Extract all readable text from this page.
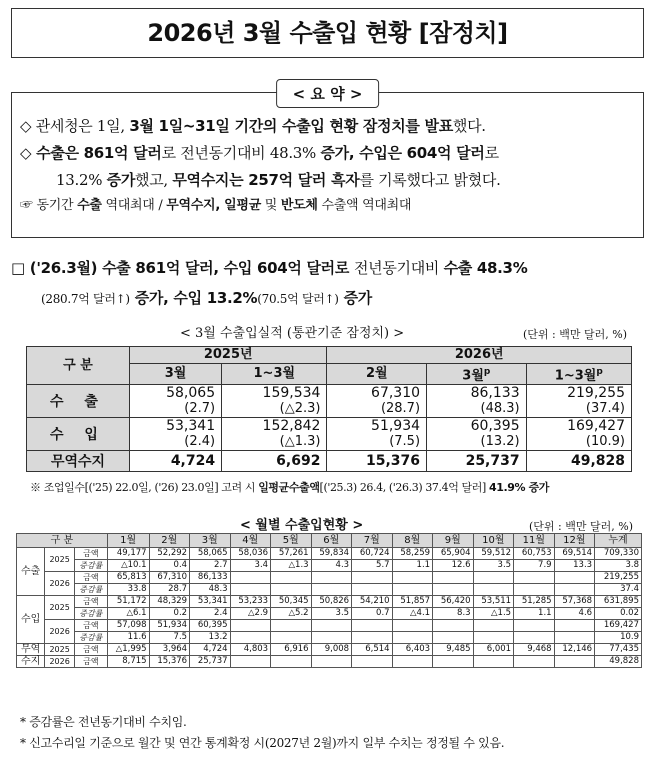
2026년 3월 수출입 현황 [잠정치]
< 요 약 >
◇ 관세청은 1일, 3월 1일~31일 기간의 수출입 현황 잠정치를 발표했다.
◇ 수출은 861억 달러로 전년동기대비 48.3% 증가, 수입은 604억 달러로
13.2% 증가했고, 무역수지는 257억 달러 흑자를 기록했다고 밝혔다.
☞ 동기간 수출 역대최대 / 무역수지, 일평균 및 반도체 수출액 역대최대
□ ('26.3월) 수출 861억 달러, 수입 604억 달러로 전년동기대비 수출 48.3%
(280.7억 달러↑) 증가, 수입 13.2%(70.5억 달러↑) 증가
< 3월 수출입실적 (통관기준 잠정치) >	(단위 : 백만 달러, %)
구 분	2025년		2026년		
	3월	1~3월	2월	3월$^p$	1~3월$^p$
수 출	58,065	159,534	67,310	86,133	219,255
	(2.7)	(△2.3)	(28.7)	(48.3)	(37.4)
수 입	53,341	152,842	51,934	60,395	169,427
	(2.4)	(△1.3)	(7.5)	(13.2)	(10.9)
무역수지	4,724	6,692	15,376	25,737	49,828
※ 조업일수[('25) 22.0일, ('26) 23.0일] 고려 시 일평균수출액[('25.3) 26.4, ('26.3) 37.4억 달러] 41.9% 증가
< 월별 수출입현황 >	(단위 : 백만 달러, %)
구 분			1월	2월	3월	4월	5월	6월	7월	8월	9월	10월	11월	12월	누계
수출	2025	금액	49,177	52,292	58,065	58,036	57,261	59,834	60,724	58,259	65,904	59,512	60,753	69,514	709,330
		증감률	△10.1	0.4	2.7	3.4	△1.3	4.3	5.7	1.1	12.6	3.5	7.9	13.3	3.8
	2026	금액	65,813	67,310	86,133										219,255
		증감률	33.8	28.7	48.3										37.4
수입	2025	금액	51,172	48,329	53,341	53,233	50,345	50,826	54,210	51,857	56,420	53,511	51,285	57,368	631,895
		증감률	△6.1	0.2	2.4	△2.9	△5.2	3.5	0.7	△4.1	8.3	△1.5	1.1	4.6	0.02
	2026	금액	57,098	51,934	60,395										169,427
		증감률	11.6	7.5	13.2										10.9
무역	2025	금액	△1,995	3,964	4,724	4,803	6,916	9,008	6,514	6,403	9,485	6,001	9,468	12,146	77,435
수지	2026	금액	8,715	15,376	25,737										49,828
* 증감률은 전년동기대비 수치임.
* 신고수리일 기준으로 월간 및 연간 통계확정 시(2027년 2월)까지 일부 수치는 정정될 수 있음.
